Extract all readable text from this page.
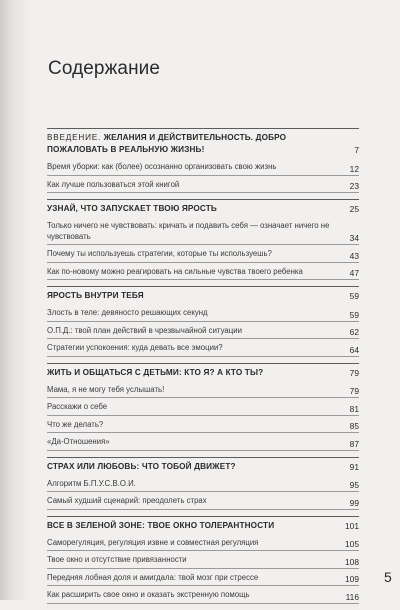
Содержание
ВВЕДЕНИЕ. ЖЕЛАНИЯ И ДЕЙСТВИТЕЛЬНОСТЬ. ДОБРО ПОЖАЛОВАТЬ В РЕАЛЬНУЮ ЖИЗНЬ!	7
Время уборки: как (более) осознанно организовать свою жизнь	12
Как лучше пользоваться этой книгой	23
УЗНАЙ, ЧТО ЗАПУСКАЕТ ТВОЮ ЯРОСТЬ	25
Только ничего не чувствовать: кричать и подавить себя — означает ничего не чувствовать	34
Почему ты используешь стратегии, которые ты используешь?	43
Как по-новому можно реагировать на сильные чувства твоего ребенка	47
ЯРОСТЬ ВНУТРИ ТЕБЯ	59
Злость в теле: девяносто решающих секунд	59
О.П.Д.: твой план действий в чрезвычайной ситуации	62
Стратегии успокоения: куда девать все эмоции?	64
ЖИТЬ И ОБЩАТЬСЯ С ДЕТЬМИ: КТО Я? А КТО ТЫ?	79
Мама, я не могу тебя услышать!	79
Расскажи о себе	81
Что же делать?	85
«Да-Отношения»	87
СТРАХ ИЛИ ЛЮБОВЬ: ЧТО ТОБОЙ ДВИЖЕТ?	91
Алгоритм Б.П.У.С.В.О.И.	95
Самый худший сценарий: преодолеть страх	99
ВСЕ В ЗЕЛЕНОЙ ЗОНЕ: ТВОЕ ОКНО ТОЛЕРАНТНОСТИ	101
Саморегуляция, регуляция извне и совместная регуляция	105
Твое окно и отсутствие привязанности	108
Передняя лобная доля и амигдала: твой мозг при стрессе	109
Как расширить свое окно и оказать экстренную помощь	116
5
